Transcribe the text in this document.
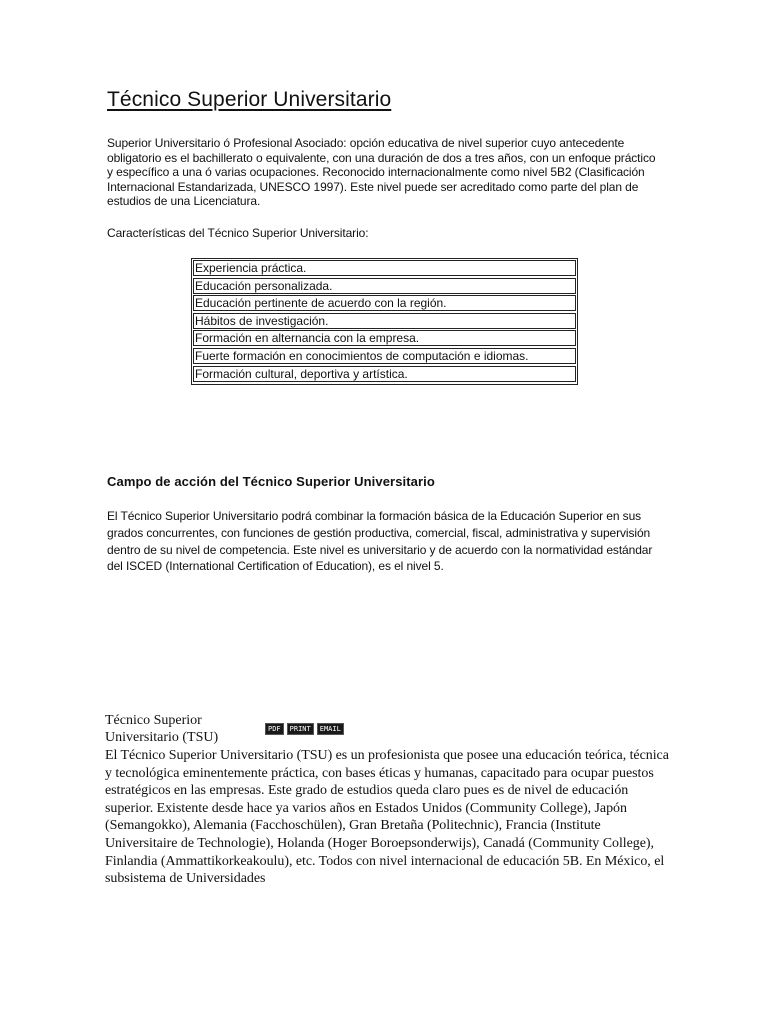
Técnico Superior Universitario

Superior Universitario ó Profesional Asociado: opción educativa de nivel superior cuyo antecedente obligatorio es el bachillerato o equivalente, con una duración de dos a tres años, con un enfoque práctico y específico a una ó varias ocupaciones. Reconocido internacionalmente como nivel 5B2 (Clasificación Internacional Estandarizada, UNESCO 1997). Este nivel puede ser acreditado como parte del plan de estudios de una Licenciatura.

Características del Técnico Superior Universitario:

Experiencia práctica.
Educación personalizada.
Educación pertinente de acuerdo con la región.
Hábitos de investigación.
Formación en alternancia con la empresa.
Fuerte formación en conocimientos de computación e idiomas.
Formación cultural, deportiva y artística.
Campo de acción del Técnico Superior Universitario

El Técnico Superior Universitario podrá combinar la formación básica de la Educación Superior en sus grados concurrentes, con funciones de gestión productiva, comercial, fiscal, administrativa y supervisión dentro de su nivel de competencia. Este nivel es universitario y de acuerdo con la normatividad estándar del ISCED (International Certification of Education), es el nivel 5.

Técnico Superior Universitario (TSU)

PDF	PRINT	EMAIL

El Técnico Superior Universitario (TSU) es un profesionista que posee una educación teórica, técnica y tecnológica eminentemente práctica, con bases éticas y humanas, capacitado para ocupar puestos estratégicos en las empresas. Este grado de estudios queda claro pues es de nivel de educación superior. Existente desde hace ya varios años en Estados Unidos (Community College), Japón (Semangokko), Alemania (Facchoschülen), Gran Bretaña (Politechnic), Francia (Institute Universitaire de Technologie), Holanda (Hoger Boroepsonderwijs), Canadá (Community College), Finlandia (Ammattikorkeakoulu), etc. Todos con nivel internacional de educación 5B. En México, el subsistema de Universidades
